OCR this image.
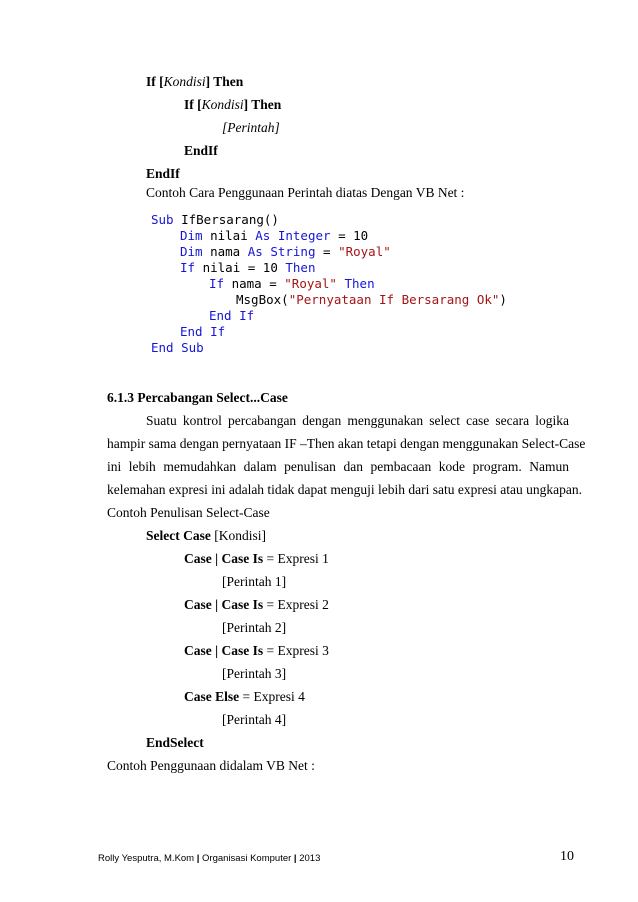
If [Kondisi] Then
If [Kondisi] Then
[Perintah]
EndIf
EndIf
Contoh Cara Penggunaan Perintah diatas Dengan VB Net :
Sub IfBersarang()
Dim nilai As Integer = 10
Dim nama As String = "Royal"
If nilai = 10 Then
If nama = "Royal" Then
MsgBox("Pernyataan If Bersarang Ok")
End If
End If
End Sub
6.1.3 Percabangan Select...Case
Suatu kontrol percabangan dengan menggunakan select case secara logika
hampir sama dengan pernyataan IF –Then akan tetapi dengan menggunakan Select-Case
ini lebih memudahkan dalam penulisan dan pembacaan kode program. Namun
kelemahan expresi ini adalah tidak dapat menguji lebih dari satu expresi atau ungkapan.
Contoh Penulisan Select-Case
Select Case [Kondisi]
Case | Case Is = Expresi 1
[Perintah 1]
Case | Case Is = Expresi 2
[Perintah 2]
Case | Case Is = Expresi 3
[Perintah 3]
Case Else = Expresi 4
[Perintah 4]
EndSelect
Contoh Penggunaan didalam VB Net :
Rolly Yesputra, M.Kom | Organisasi Komputer | 2013	10
